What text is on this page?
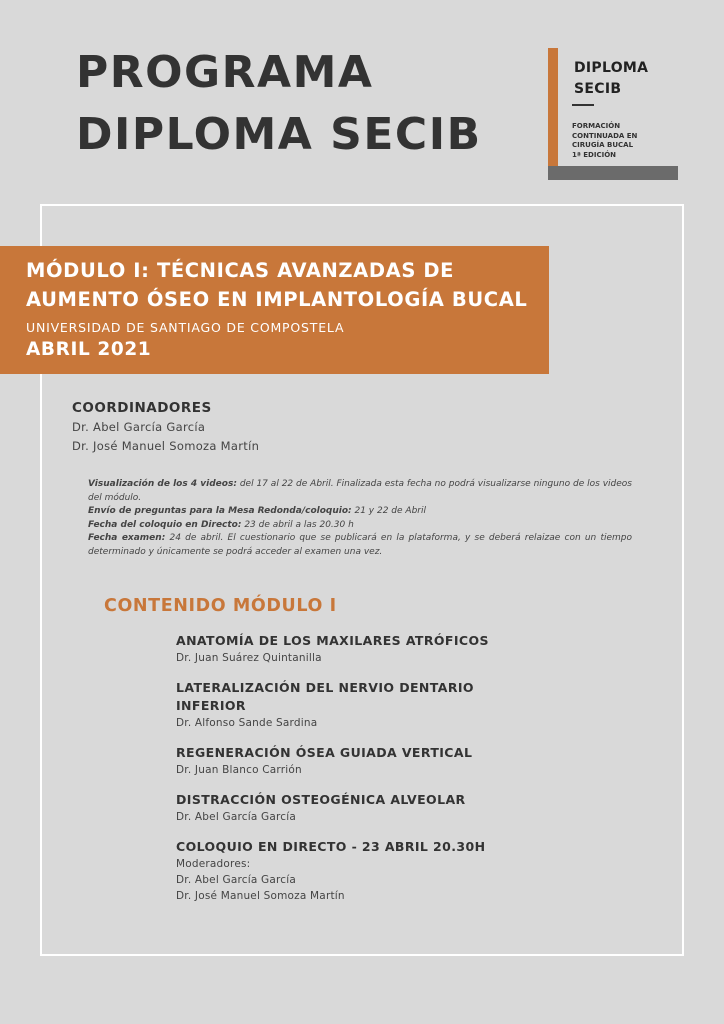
PROGRAMA
DIPLOMA SECIB
DIPLOMA
SECIB
FORMACIÓN
CONTINUADA EN
CIRUGÍA BUCAL
1ª EDICIÓN
MÓDULO I: TÉCNICAS AVANZADAS DE
AUMENTO ÓSEO EN IMPLANTOLOGÍA BUCAL
UNIVERSIDAD DE SANTIAGO DE COMPOSTELA
ABRIL 2021
COORDINADORES
Dr. Abel García García
Dr. José Manuel Somoza Martín
Visualización de los 4 videos: del 17 al 22 de Abril. Finalizada esta fecha no podrá visualizarse ninguno de los videos del módulo.
Envío de preguntas para la Mesa Redonda/coloquio: 21 y 22 de Abril
Fecha del coloquio en Directo: 23 de abril a las 20.30 h
Fecha examen: 24 de abril. El cuestionario que se publicará en la plataforma, y se deberá relaizae con un tiempo determinado y únicamente se podrá acceder al examen una vez.
CONTENIDO MÓDULO I
ANATOMÍA DE LOS MAXILARES ATRÓFICOS
Dr. Juan Suárez Quintanilla
LATERALIZACIÓN DEL NERVIO DENTARIO
INFERIOR
Dr. Alfonso Sande Sardina
REGENERACIÓN ÓSEA GUIADA VERTICAL
Dr. Juan Blanco Carrión
DISTRACCIÓN OSTEOGÉNICA ALVEOLAR
Dr. Abel García García
COLOQUIO EN DIRECTO - 23 ABRIL 20.30H
Moderadores:
Dr. Abel García García
Dr. José Manuel Somoza Martín
